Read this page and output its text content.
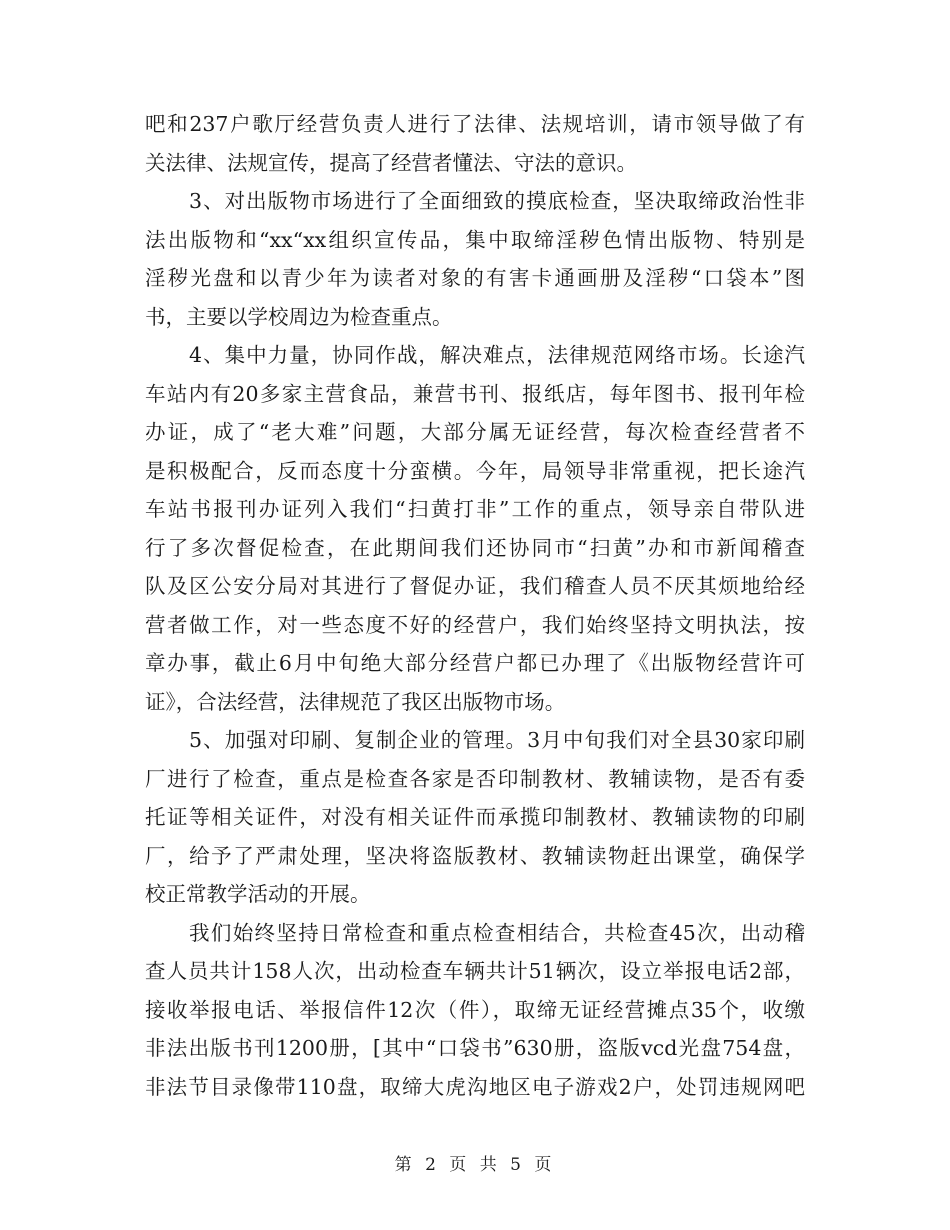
吧和237户歌厅经营负责人进行了法律、法规培训，请市领导做了有
关法律、法规宣传，提高了经营者懂法、守法的意识。
3、对出版物市场进行了全面细致的摸底检查，坚决取缔政治性非
法出版物和“xx“xx组织宣传品，集中取缔淫秽色情出版物、特别是
淫秽光盘和以青少年为读者对象的有害卡通画册及淫秽“口袋本”图
书，主要以学校周边为检查重点。
4、集中力量，协同作战，解决难点，法律规范网络市场。长途汽
车站内有20多家主营食品，兼营书刊、报纸店，每年图书、报刊年检
办证，成了“老大难”问题，大部分属无证经营，每次检查经营者不
是积极配合，反而态度十分蛮横。今年，局领导非常重视，把长途汽
车站书报刊办证列入我们“扫黄打非”工作的重点，领导亲自带队进
行了多次督促检查，在此期间我们还协同市“扫黄”办和市新闻稽查
队及区公安分局对其进行了督促办证，我们稽查人员不厌其烦地给经
营者做工作，对一些态度不好的经营户，我们始终坚持文明执法，按
章办事，截止6月中旬绝大部分经营户都已办理了《出版物经营许可
证》，合法经营，法律规范了我区出版物市场。
5、加强对印刷、复制企业的管理。3月中旬我们对全县30家印刷
厂进行了检查，重点是检查各家是否印制教材、教辅读物，是否有委
托证等相关证件，对没有相关证件而承揽印制教材、教辅读物的印刷
厂，给予了严肃处理，坚决将盗版教材、教辅读物赶出课堂，确保学
校正常教学活动的开展。
我们始终坚持日常检查和重点检查相结合，共检查45次，出动稽
查人员共计158人次，出动检查车辆共计51辆次，设立举报电话2部，
接收举报电话、举报信件12次（件），取缔无证经营摊点35个，收缴
非法出版书刊1200册，[其中“口袋书”630册，盗版vcd光盘754盘，
非法节目录像带110盘，取缔大虎沟地区电子游戏2户，处罚违规网吧
第 2 页 共 5 页
